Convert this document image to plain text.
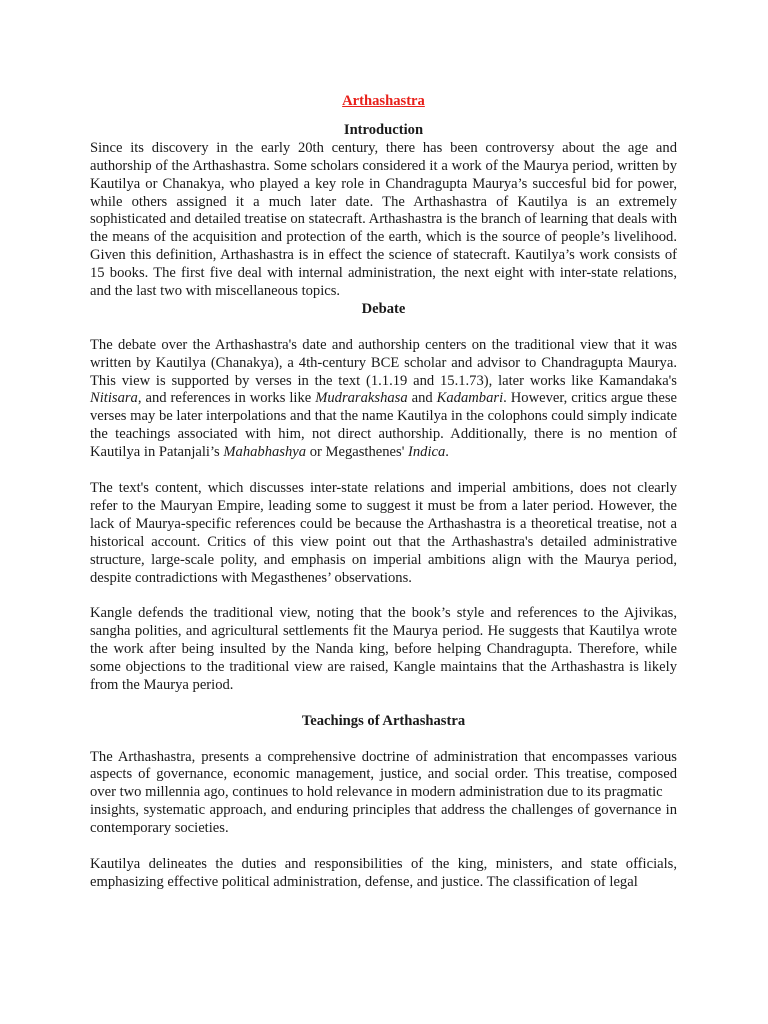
Arthashastra
Introduction

Since its discovery in the early 20th century, there has been controversy about the age and authorship of the Arthashastra. Some scholars considered it a work of the Maurya period, written by Kautilya or Chanakya, who played a key role in Chandragupta Maurya’s succesful bid for power, while others assigned it a much later date. The Arthashastra of Kautilya is an extremely sophisticated and detailed treatise on statecraft. Arthashastra is the branch of learning that deals with the means of the acquisition and protection of the earth, which is the source of people’s livelihood. Given this definition, Arthashastra is in effect the science of statecraft. Kautilya’s work consists of 15 books. The first five deal with internal administration, the next eight with inter-state relations, and the last two with miscellaneous topics.

Debate

The debate over the Arthashastra's date and authorship centers on the traditional view that it was written by Kautilya (Chanakya), a 4th-century BCE scholar and advisor to Chandragupta Maurya. This view is supported by verses in the text (1.1.19 and 15.1.73), later works like Kamandaka's Nitisara, and references in works like Mudrarakshasa and Kadambari. However, critics argue these verses may be later interpolations and that the name Kautilya in the colophons could simply indicate the teachings associated with him, not direct authorship. Additionally, there is no mention of Kautilya in Patanjali’s Mahabhashya or Megasthenes' Indica.

The text's content, which discusses inter-state relations and imperial ambitions, does not clearly refer to the Mauryan Empire, leading some to suggest it must be from a later period. However, the lack of Maurya-specific references could be because the Arthashastra is a theoretical treatise, not a historical account. Critics of this view point out that the Arthashastra's detailed administrative structure, large-scale polity, and emphasis on imperial ambitions align with the Maurya period, despite contradictions with Megasthenes’ observations.

Kangle defends the traditional view, noting that the book’s style and references to the Ajivikas, sangha polities, and agricultural settlements fit the Maurya period. He suggests that Kautilya wrote the work after being insulted by the Nanda king, before helping Chandragupta. Therefore, while some objections to the traditional view are raised, Kangle maintains that the Arthashastra is likely from the Maurya period.

Teachings of Arthashastra

The Arthashastra, presents a comprehensive doctrine of administration that encompasses various aspects of governance, economic management, justice, and social order. This treatise, composed over two millennia ago, continues to hold relevance in modern administration due to its pragmatic

insights, systematic approach, and enduring principles that address the challenges of governance in contemporary societies.

Kautilya delineates the duties and responsibilities of the king, ministers, and state officials, emphasizing effective political administration, defense, and justice. The classification of legal
